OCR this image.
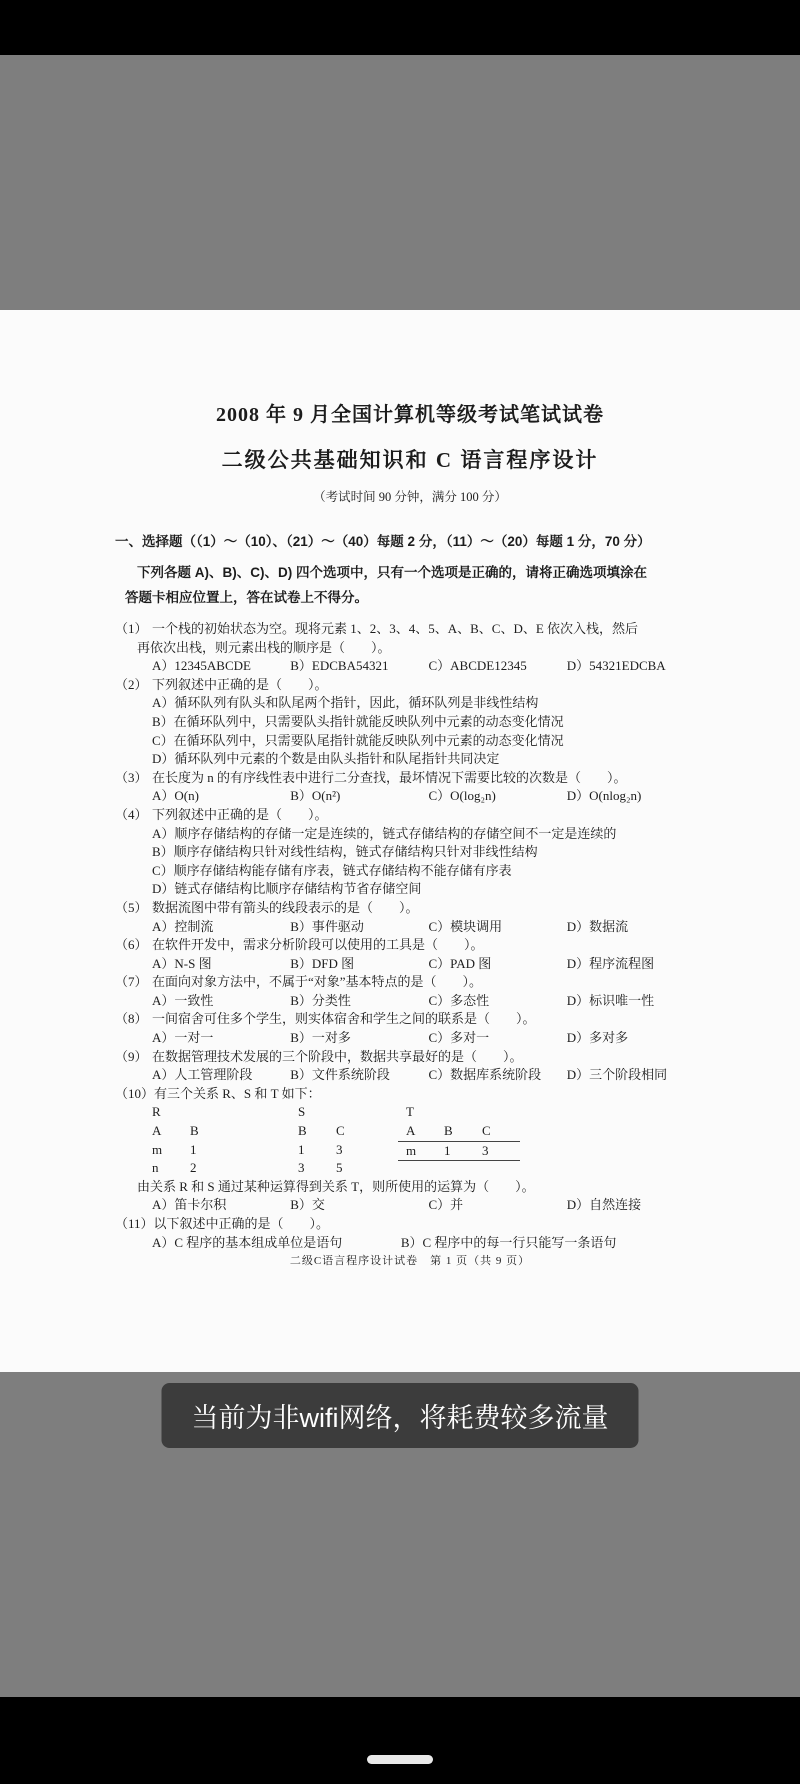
2008 年 9 月全国计算机等级考试笔试试卷
二级公共基础知识和 C 语言程序设计
（考试时间 90 分钟，满分 100 分）
一、选择题（（1）～（10）、（21）～（40）每题 2 分，（11）～（20）每题 1 分，70 分）
下列各题 A)、B)、C)、D) 四个选项中，只有一个选项是正确的，请将正确选项填涂在
答题卡相应位置上，答在试卷上不得分。
（1） 一个栈的初始状态为空。现将元素 1、2、3、4、5、A、B、C、D、E 依次入栈，然后
再依次出栈，则元素出栈的顺序是（　　）。
A）12345ABCDE	B）EDCBA54321	C）ABCDE12345	D）54321EDCBA
（2） 下列叙述中正确的是（　　）。
A）循环队列有队头和队尾两个指针，因此，循环队列是非线性结构
B）在循环队列中，只需要队头指针就能反映队列中元素的动态变化情况
C）在循环队列中，只需要队尾指针就能反映队列中元素的动态变化情况
D）循环队列中元素的个数是由队头指针和队尾指针共同决定
（3） 在长度为 n 的有序线性表中进行二分查找，最坏情况下需要比较的次数是（　　）。
A）O(n)	B）O(n²)	C）O(log₂n)	D）O(nlog₂n)
（4） 下列叙述中正确的是（　　）。
A）顺序存储结构的存储一定是连续的，链式存储结构的存储空间不一定是连续的
B）顺序存储结构只针对线性结构，链式存储结构只针对非线性结构
C）顺序存储结构能存储有序表，链式存储结构不能存储有序表
D）链式存储结构比顺序存储结构节省存储空间
（5） 数据流图中带有箭头的线段表示的是（　　）。
A）控制流	B）事件驱动	C）模块调用	D）数据流
（6） 在软件开发中，需求分析阶段可以使用的工具是（　　）。
A）N-S 图	B）DFD 图	C）PAD 图	D）程序流程图
（7） 在面向对象方法中，不属于“对象”基本特点的是（　　）。
A）一致性	B）分类性	C）多态性	D）标识唯一性
（8） 一间宿舍可住多个学生，则实体宿舍和学生之间的联系是（　　）。
A）一对一	B）一对多	C）多对一	D）多对多
（9） 在数据管理技术发展的三个阶段中，数据共享最好的是（　　）。
A）人工管理阶段	B）文件系统阶段	C）数据库系统阶段	D）三个阶段相同
（10）有三个关系 R、S 和 T 如下：
R
A B
m 1
n 2
S
B C
1 3
3 5
T
A B C
m 1 3
由关系 R 和 S 通过某种运算得到关系 T，则所使用的运算为（　　）。
A）笛卡尔积	B）交	C）并	D）自然连接
（11）以下叙述中正确的是（　　）。
A）C 程序的基本组成单位是语句	B）C 程序中的每一行只能写一条语句
二级C语言程序设计试卷　第 1 页（共 9 页）
当前为非wifi网络，将耗费较多流量
